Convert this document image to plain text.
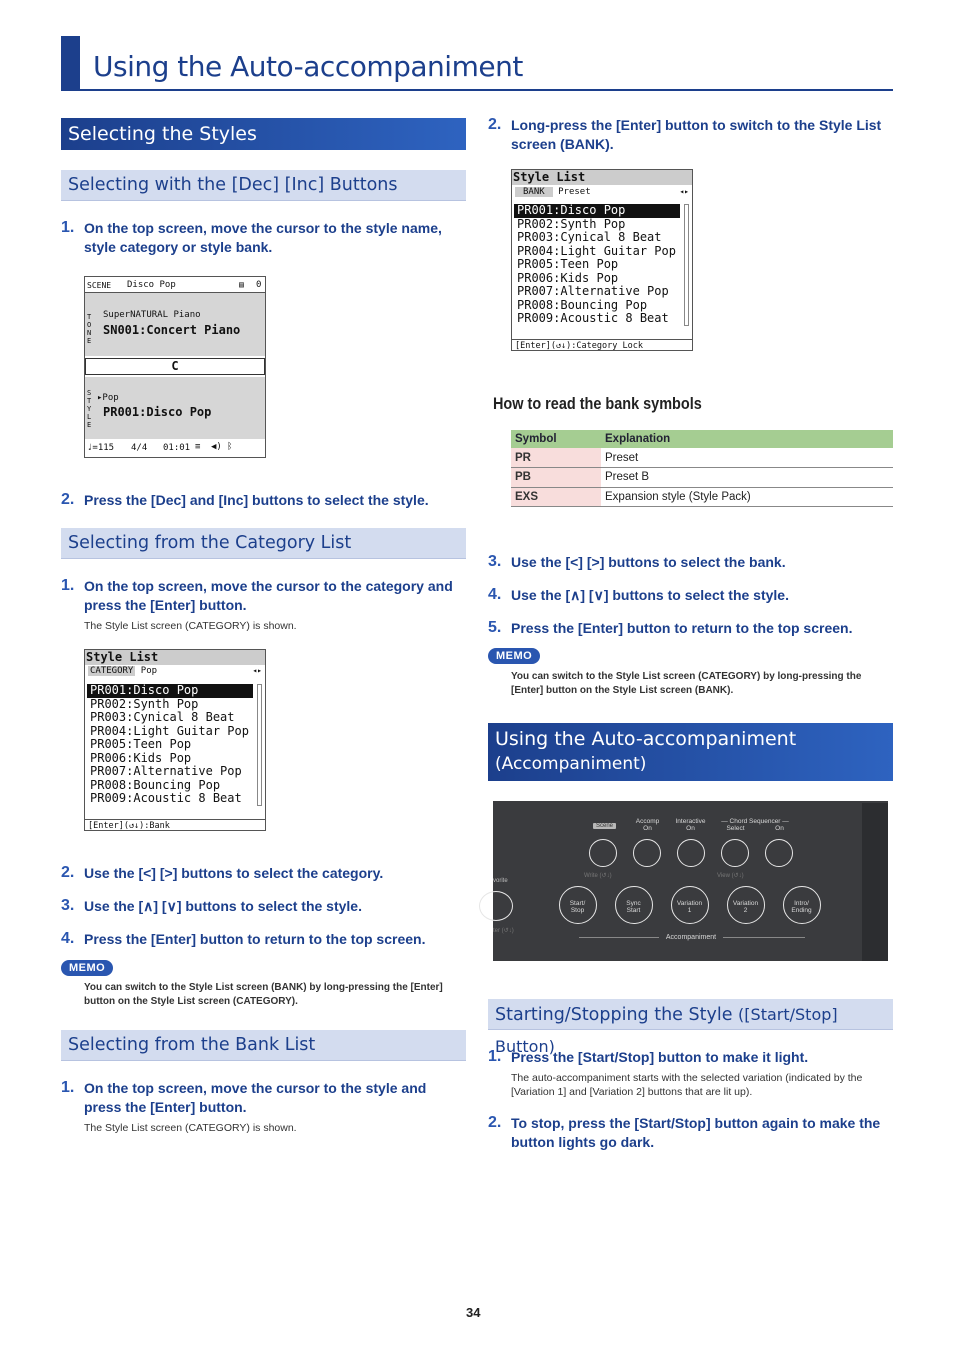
Using the Auto-accompaniment
Selecting the Styles
Selecting with the [Dec] [Inc] Buttons
1. On the top screen, move the cursor to the style name, style category or style bank.
SCENE Disco Pop	▤ 0
TONE
SuperNATURAL Piano
SN001:Concert Piano
C
STYLE
▸Pop
PR001:Disco Pop
♩=115 4/4 01:01 ≡ ◀) ᛒ
2. Press the [Dec] and [Inc] buttons to select the style.
Selecting from the Category List
1. On the top screen, move the cursor to the category and press the [Enter] button.
The Style List screen (CATEGORY) is shown.
Style List
CATEGORY Pop	◂▸
PR001:Disco Pop
PR002:Synth Pop
PR003:Cynical 8 Beat
PR004:Light Guitar Pop
PR005:Teen Pop
PR006:Kids Pop
PR007:Alternative Pop
PR008:Bouncing Pop
PR009:Acoustic 8 Beat
[Enter](↺↓):Bank
2. Use the [<] [>] buttons to select the category.
3. Use the [∧] [∨] buttons to select the style.
4. Press the [Enter] button to return to the top screen.
MEMO
You can switch to the Style List screen (BANK) by long-pressing the [Enter] button on the Style List screen (CATEGORY).
Selecting from the Bank List
1. On the top screen, move the cursor to the style and press the [Enter] button.
The Style List screen (CATEGORY) is shown.
2. Long-press the [Enter] button to switch to the Style List screen (BANK).
Style List
BANK Preset	◂▸
PR001:Disco Pop
PR002:Synth Pop
PR003:Cynical 8 Beat
PR004:Light Guitar Pop
PR005:Teen Pop
PR006:Kids Pop
PR007:Alternative Pop
PR008:Bouncing Pop
PR009:Acoustic 8 Beat
[Enter](↺↓):Category Lock
How to read the bank symbols
Symbol	Explanation
PR	Preset
PB	Preset B
EXS	Expansion style (Style Pack)
3. Use the [<] [>] buttons to select the bank.
4. Use the [∧] [∨] buttons to select the style.
5. Press the [Enter] button to return to the top screen.
MEMO
You can switch to the Style List screen (CATEGORY) by long-pressing the [Enter] button on the Style List screen (BANK).
Using the Auto-accompaniment
(Accompaniment)
Scene
Accomp
On
Interactive
On
— Chord Sequencer —
Select	On
Write (↺↓)	View (↺↓)
vorite
ter (↺↓)
Start/
Stop
Sync
Start
Variation
1
Variation
2
Intro/
Ending
Accompaniment
Starting/Stopping the Style ([Start/Stop] Button)
1. Press the [Start/Stop] button to make it light.
The auto-accompaniment starts with the selected variation (indicated by the [Variation 1] and [Variation 2] buttons that are lit up).
2. To stop, press the [Start/Stop] button again to make the button lights go dark.
34
